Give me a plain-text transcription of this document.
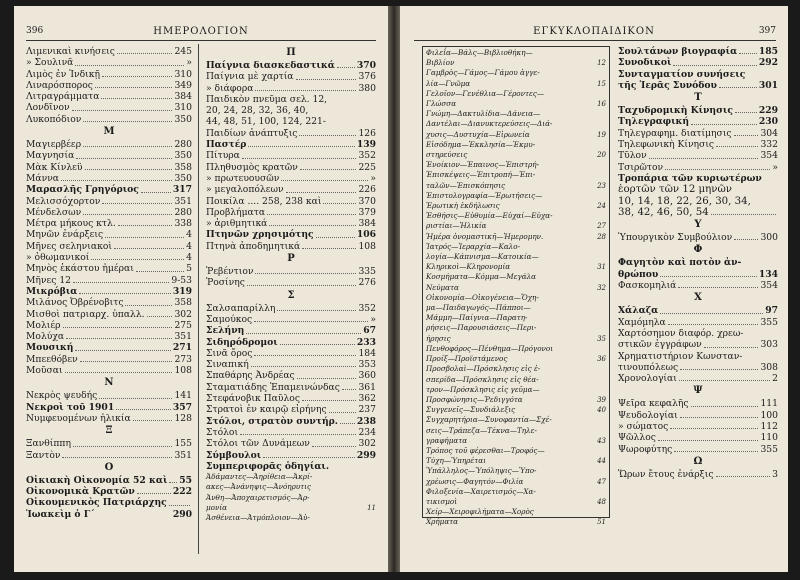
396	ΗΜΕΡΟΛΟΓΙΟΝ
Λιμενικαὶ κινήσεις	245
» Σουλινᾶ	»
Λιμὸς ἐν Ἰνδικῇ	310
Λιναρόσπορος	349
Λιτραγράμματα	384
Λονδῖνον	310
Λυκοπόδιον	350
Μ
Μαγιερβέερ	280
Μαγνησία	350
Μὰκ Κίνλεϋ	358
Μάννα	350
Μαρασλῆς Γρηγόριος	317
Μελισσόχορτον	351
Μένδελσων	280
Μέτρα μήκους κτλ.	338
Μηνῶν ἐνάρξεις	4
Μῆνες σεληνιακοὶ	4
» ὀθωμανικοί	4
Μηνὸς ἑκάστου ἡμέραι	5
Μῆνες 12	9-53
Μικρόβια	319
Μιλάνος Ὀβρένοβιτς	358
Μισθοὶ πατριαρχ. ὑπαλλ.	302
Μολιέρ	275
Μολύχα	351
Μουσική	271
Μπεεθόβεν	273
Μοῦσαι	108
Ν
Νεκρὸς ψευδής	141
Νεκροὶ τοῦ 1901	357
Νυμφευομένων ἡλικία	128
Ξ
Ξανθίππη	155
Ξαντὸν	351
Ο
Οἰκιακὴ Οἰκονομία 52 καὶ 55
Οἰκονομικὰ Κρατῶν	222
Οἰκουμενικὸς Πατριάρχης
Ἰωακεὶμ ὁ Γ΄	290
Π
Παίγνια διασκεδαστικά 370
Παίγνια μὲ χαρτία	376
» διάφορα	380
Παιδικὸν πνεῦμα σελ. 12,
20, 24, 28, 32, 36, 40,
44, 48, 51, 100, 124, 221-
Παιδίων ἀνάπτυξις	126
Παστέρ	139
Πίτυρα	352
Πληθυσμὸς κρατῶν	225
» πρωτευουσῶν	»
» μεγαλοπόλεων	226
Ποικίλα .... 258, 238 καὶ	370
Προβλήματα	379
» ἀριθμητικά	384
Πτηνῶν χρησιμότης	106
Πτηνὰ ἀποδημητικά	108
Ρ
Ῥεβέντιον	335
Ῥοσίνης	276
Σ
Σαλσαπαρίλλη	352
Σαμούκος	»
Σελήνη	67
Σιδηρόδρομοι	233
Σινᾶ ὄρος	184
Σιναπική	353
Σπαθάρης Ἀνδρέας	360
Σταματιάδης Ἐπαμεινώνδας 361
Στεφάνοβικ Παῦλος	362
Στρατοὶ ἐν καιρῷ εἰρήνης	237
Στόλοι, στρατὸν συντήρ. 238
Στόλοι	234
Στόλοι τῶν Δυνάμεων	302
Σύμβουλοι	299
Συμπεριφορᾶς ὁδηγίαι.
Ἀδάμαντες—Ἀηρίθεια—Ἀκρί-
ακες—Ἀνάνηψις—Ἀνόηρυτις
Ἀνθη—Ἀποχαιρετισμός—Ἀρ-
μονία	11
Ἀσθένεια—Ἀτμόπλοιον—Ἀὐ-
ΕΓΚΥΚΛΟΠΑΙΔΙΚΟΝ	397
Φιλεΐα—Βάλς—Βιβλιοθήκη—
Βιβλίον	12
Γαμβρὸς—Γάμος—Γάμου ἀγγε-
λία—Γνῶμα	15
Γελοῖον—Γενέθλια—Γέροντες—
Γλώσσα	16
Γνώμη—Δακτυλίδια—Δάνεια—
Δαντέλαι—Διανυκτερεύσεις—Διά-
χυσις—Δυστυχία—Εἰρωνεία	19
Εἰσόδημα—Ἐκκλησία—Ἐκμυ-
στηρεύσεις	20
Ἐνοίκιον—Ἐπαινος—Ἐπιστρή-
Ἐπισκέψεις—Ἐπιτροπή—Ἐπι-
ταλῶν—Ἐπισκόπησις	23
Ἐπιστολογραφία—Ἐρωτήσεις—
Ἐρωτικὴ ἐκδήλωσις	24
Ἐσθήσις—Εὐθυμία—Εὐχαί—Εὐχα-
ριστίαι—Ἡλικία	27
Ἡμέρα ὀνομαστικῆ—Ἡμερομην.	28
Ἰατρός—Ἰεραρχία—Καλο-
λογία—Κάπνισμα—Κατοικία—
Κληρικοὶ—Κληρονομία	31
Κοσμήματα—Κόμμα—Μεγάλα
Νεύματα	32
Οἰκονομία—Οἰκογένεια—Ὄχη-
μα—Παιδαγωγός—Πάπποι—
Μάμμη—Παίγνια—Παρατη-
ρήσεις—Παρουσιάσεις—Περι-
ήρησις	35
Πενθοφόρος—Πένθημα—Πρόγονοι
Προίξ—Προϊστάμενος	36
Προσβολαὶ—Πρόσκλησις εἰς ἐ-
σπερίδα—Πρόσκλησις εἰς θέα-
τρον—Πρόσκλησις εἰς γεῦμα—
Προσφώνησις—Ῥεδιγγότα	39
Συγγενεῖς—Συνδιάλεξις	40
Συγχαρητήρια—Συνοφαντία—Σχέ-
σεις—Τράπεζα—Τέκνα—Τηλε-
γραφήματα	43
Τρόπος τοῦ φέρεσθαι—Τροφός—
Τύχη—Ὑπηρέται	44
Ὑπάλληλος—Ὑπόληψις—Ὑπο-
χρέωσις—Φαγητόν—Φιλία	47
Φιλοξενία—Χαιρετισμός—Χα-
τικισμοὶ	48
Χείρ—Χειροφιλήματα—Χορὸς
Χρήματα	51
Σουλτάνων βιογραφία 185
Συνοδικοὶ	292
Συνταγματίον συνήσεις
τῆς Ἱερᾶς Συνόδου	301
Τ
Ταχυδρομικὴ Κίνησις	229
Τηλεγραφική	230
Τηλεγραφημ. διατίμησις	304
Τηλεφωνικὴ Κίνησις	332
Τῦλον	354
Τσιρῶτον	»
Τροπάρια τῶν κυριωτέρων
ἑορτῶν τῶν 12 μηνῶν
10, 14, 18, 22, 26, 30, 34,
38, 42, 46, 50, 54
Υ
Ὑπουργικὸν Συμβούλιον	300
Φ
Φαγητὸν καὶ ποτὸν ἀν-
θρώπου	134
Φασκομηλιά	354
Χ
Χάλαζα	97
Χαμόμηλα	355
Χαρτόσημον διαφόρ. χρεω-
στικῶν ἐγγράφων	303
Χρηματιστήριον Κωνσταν-
τινουπόλεως	308
Χρονολογίαι	2
Ψ
Ψεῖρα κεφαλῆς	111
Ψευδολογίαι	100
» σώματος	112
Ψῶλλος	110
Ψωροφύτης	355
Ω
Ὥρων ἔτους ἐνάρξις	3
